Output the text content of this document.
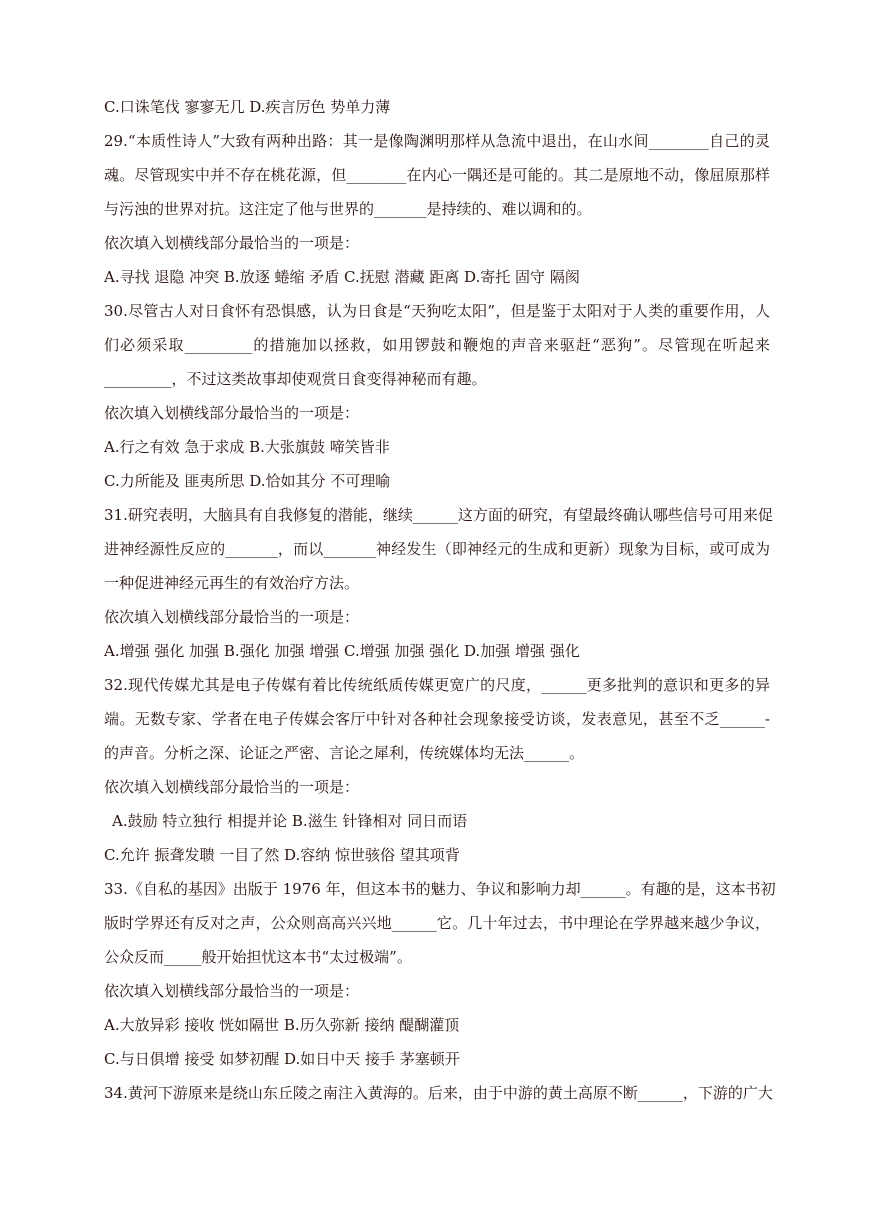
C.口诛笔伐 寥寥无几 D.疾言厉色 势单力薄
29.“本质性诗人”大致有两种出路：其一是像陶渊明那样从急流中退出，在山水间________自己的灵
魂。尽管现实中并不存在桃花源，但________在内心一隅还是可能的。其二是原地不动，像屈原那样
与污浊的世界对抗。这注定了他与世界的_______是持续的、难以调和的。
依次填入划横线部分最恰当的一项是：
A.寻找 退隐 冲突 B.放逐 蜷缩 矛盾 C.抚慰 潜藏 距离 D.寄托 固守 隔阂
30.尽管古人对日食怀有恐惧感，认为日食是“天狗吃太阳”，但是鉴于太阳对于人类的重要作用，人
们必须采取_________的措施加以拯救，如用锣鼓和鞭炮的声音来驱赶“恶狗”。尽管现在听起来
_________，不过这类故事却使观赏日食变得神秘而有趣。
依次填入划横线部分最恰当的一项是：
A.行之有效 急于求成 B.大张旗鼓 啼笑皆非
C.力所能及 匪夷所思 D.恰如其分 不可理喻
31.研究表明，大脑具有自我修复的潜能，继续______这方面的研究，有望最终确认哪些信号可用来促
进神经源性反应的_______，而以_______神经发生（即神经元的生成和更新）现象为目标，或可成为
一种促进神经元再生的有效治疗方法。
依次填入划横线部分最恰当的一项是：
A.增强 强化 加强 B.强化 加强 增强 C.增强 加强 强化 D.加强 增强 强化
32.现代传媒尤其是电子传媒有着比传统纸质传媒更宽广的尺度，______更多批判的意识和更多的异
端。无数专家、学者在电子传媒会客厅中针对各种社会现象接受访谈，发表意见，甚至不乏______-
的声音。分析之深、论证之严密、言论之犀利，传统媒体均无法______。
依次填入划横线部分最恰当的一项是：
A.鼓励 特立独行 相提并论 B.滋生 针锋相对 同日而语
C.允许 振聋发聩 一目了然 D.容纳 惊世骇俗 望其项背
33.《自私的基因》出版于 1976 年，但这本书的魅力、争议和影响力却______。有趣的是，这本书初
版时学界还有反对之声，公众则高高兴兴地______它。几十年过去，书中理论在学界越来越少争议，
公众反而_____般开始担忧这本书“太过极端”。
依次填入划横线部分最恰当的一项是：
A.大放异彩 接收 恍如隔世 B.历久弥新 接纳 醍醐灌顶
C.与日俱增 接受 如梦初醒 D.如日中天 接手 茅塞顿开
34.黄河下游原来是绕山东丘陵之南注入黄海的。后来，由于中游的黄土高原不断______，下游的广大
